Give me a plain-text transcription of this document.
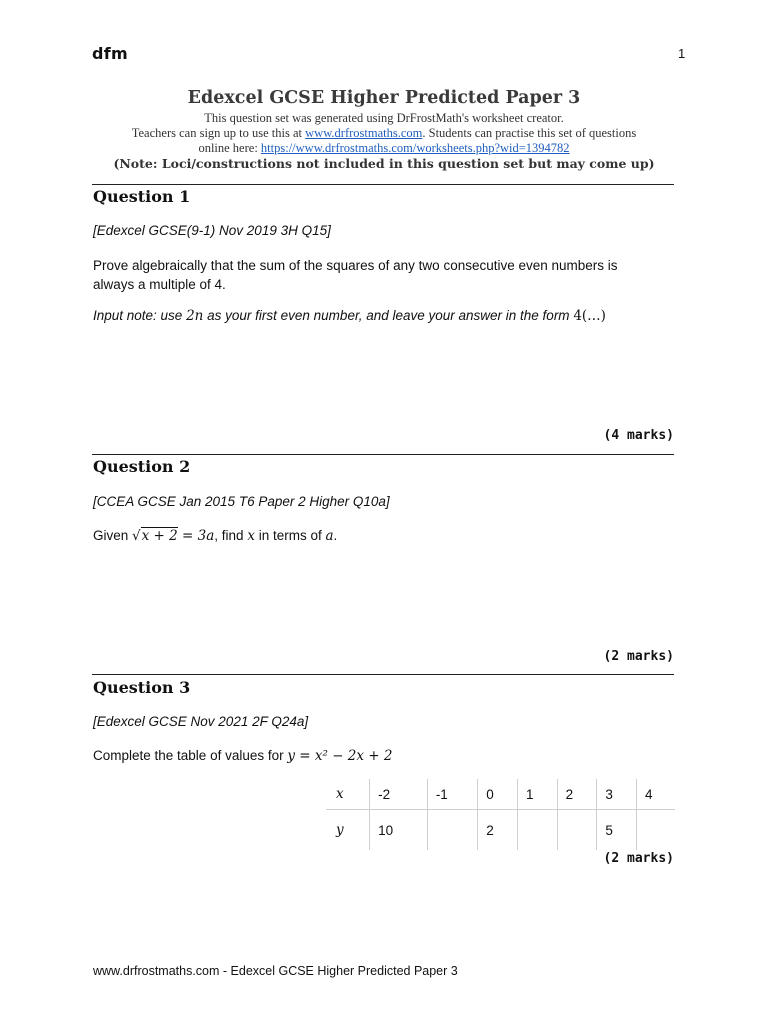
dfm	1
Edexcel GCSE Higher Predicted Paper 3
This question set was generated using DrFrostMath's worksheet creator.
Teachers can sign up to use this at www.drfrostmaths.com. Students can practise this set of questions
online here: https://www.drfrostmaths.com/worksheets.php?wid=1394782
(Note: Loci/constructions not included in this question set but may come up)
Question 1
[Edexcel GCSE(9-1) Nov 2019 3H Q15]
Prove algebraically that the sum of the squares of any two consecutive even numbers is
always a multiple of 4.
Input note: use 2n as your first even number, and leave your answer in the form 4(…)
(4 marks)
Question 2
[CCEA GCSE Jan 2015 T6 Paper 2 Higher Q10a]
Given √x + 2 = 3a, find x in terms of a.
(2 marks)
Question 3
[Edexcel GCSE Nov 2021 2F Q24a]
Complete the table of values for y = x² − 2x + 2
x	-2	-1	0	1	2	3	4
y	10		2			5	
(2 marks)
www.drfrostmaths.com - Edexcel GCSE Higher Predicted Paper 3
